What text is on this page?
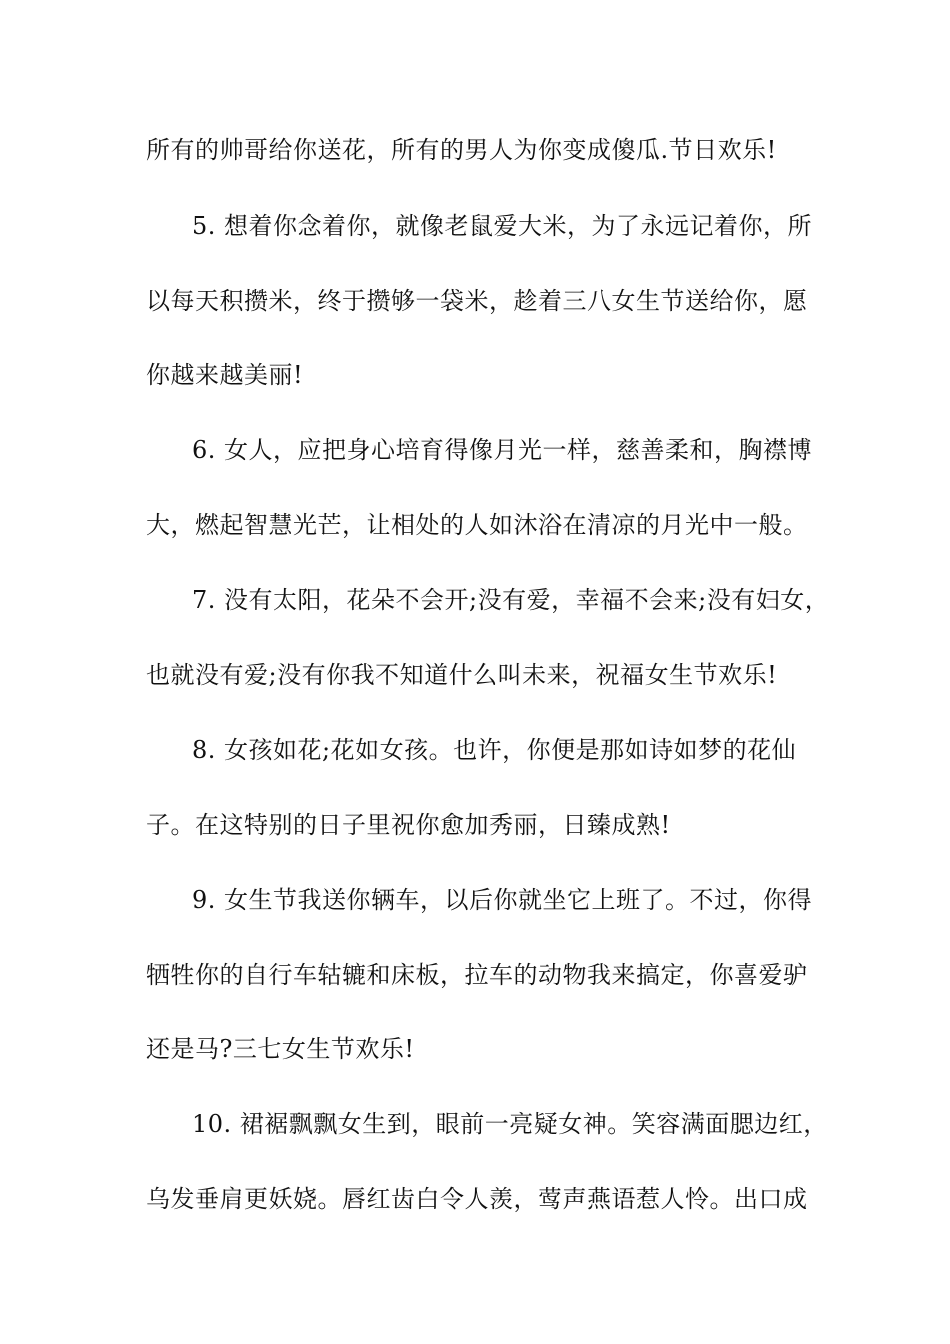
所有的帅哥给你送花，所有的男人为你变成傻瓜.节日欢乐!
5. 想着你念着你，就像老鼠爱大米，为了永远记着你，所
以每天积攒米，终于攒够一袋米，趁着三八女生节送给你，愿
你越来越美丽!
6. 女人，应把身心培育得像月光一样，慈善柔和，胸襟博
大，燃起智慧光芒，让相处的人如沐浴在清凉的月光中一般。
7. 没有太阳，花朵不会开;没有爱，幸福不会来;没有妇女，
也就没有爱;没有你我不知道什么叫未来，祝福女生节欢乐!
8. 女孩如花;花如女孩。也许，你便是那如诗如梦的花仙
子。在这特别的日子里祝你愈加秀丽，日臻成熟!
9. 女生节我送你辆车，以后你就坐它上班了。不过，你得
牺牲你的自行车轱辘和床板，拉车的动物我来搞定，你喜爱驴
还是马?三七女生节欢乐!
10. 裙裾飘飘女生到，眼前一亮疑女神。笑容满面腮边红，
乌发垂肩更妖娆。唇红齿白令人羡，莺声燕语惹人怜。出口成
